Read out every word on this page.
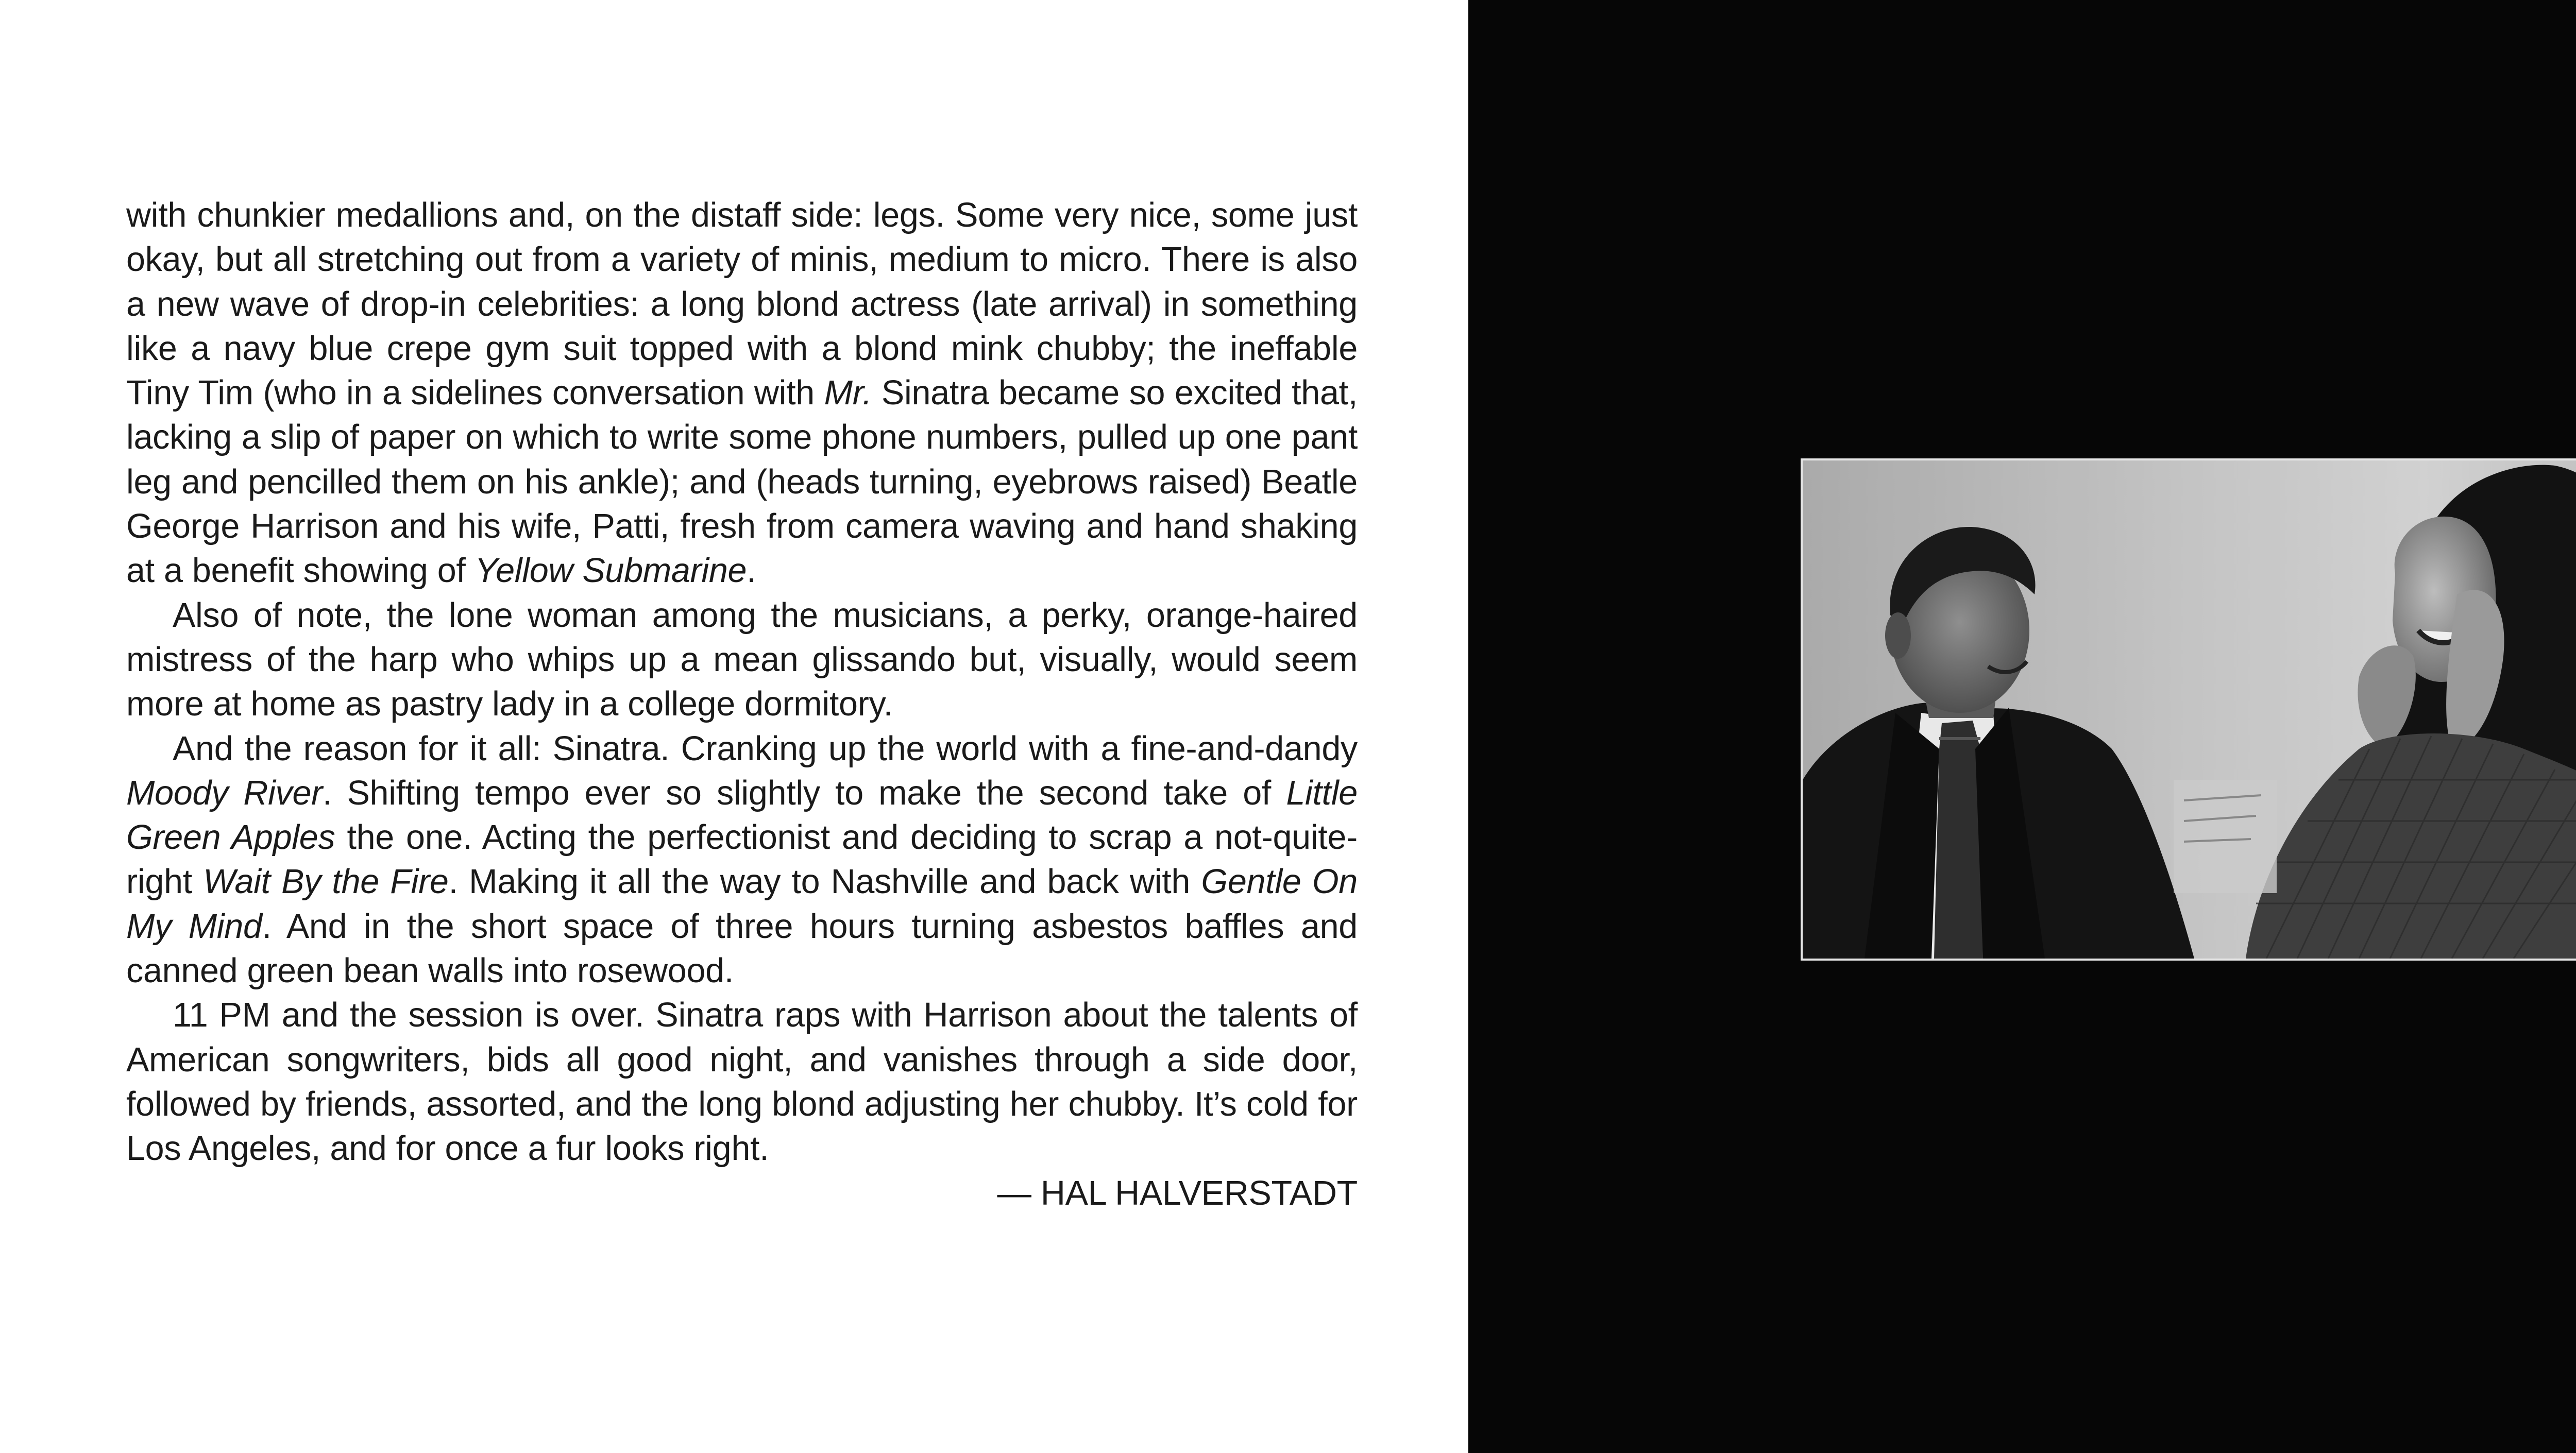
with chunkier medallions and, on the distaff side: legs. Some very nice, some just okay, but all stretching out from a variety of minis, medium to micro. There is also a new wave of drop-in celebrities: a long blond actress (late arrival) in something like a navy blue crepe gym suit topped with a blond mink chubby; the ineffable Tiny Tim (who in a sidelines conversation with Mr. Sinatra became so excited that, lacking a slip of paper on which to write some phone numbers, pulled up one pant leg and pencilled them on his ankle); and (heads turning, eyebrows raised) Beatle George Harrison and his wife, Patti, fresh from camera waving and hand shaking at a benefit showing of Yellow Submarine.

Also of note, the lone woman among the musicians, a perky, orange-haired mistress of the harp who whips up a mean glissando but, visually, would seem more at home as pastry lady in a college dormitory.

And the reason for it all: Sinatra. Cranking up the world with a fine-and-dandy Moody River. Shifting tempo ever so slightly to make the second take of Little Green Apples the one. Acting the perfectionist and deciding to scrap a not-quite-right Wait By the Fire. Making it all the way to Nashville and back with Gentle On My Mind. And in the short space of three hours turning asbestos baffles and canned green bean walls into rosewood.

11 PM and the session is over. Sinatra raps with Harrison about the talents of American songwriters, bids all good night, and vanishes through a side door, followed by friends, assorted, and the long blond adjusting her chubby. It’s cold for Los Angeles, and for once a fur looks right.

— HAL HALVERSTADT
